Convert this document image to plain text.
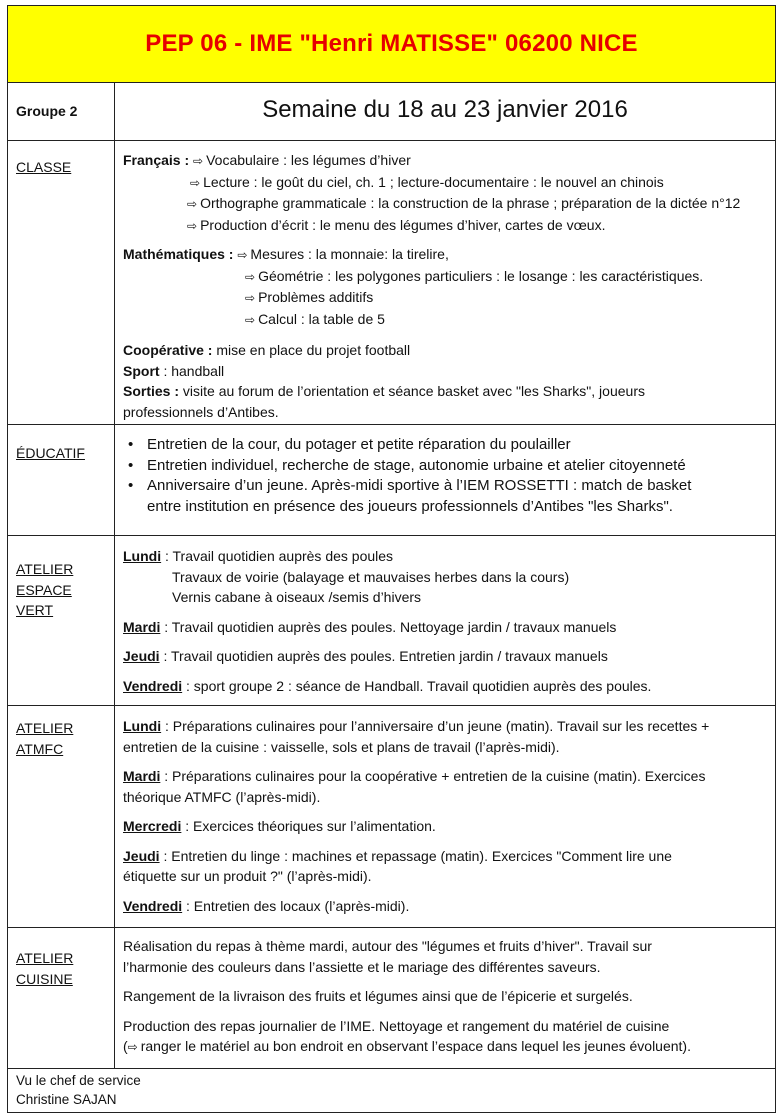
PEP 06 - IME "Henri MATISSE" 06200 NICE
Groupe 2	Semaine du 18 au 23 janvier 2016
CLASSE	Français : ⇨ Vocabulaire : les légumes d’hiver
⇨ Lecture : le goût du ciel, ch. 1 ; lecture-documentaire : le nouvel an chinois
⇨ Orthographe grammaticale : la construction de la phrase ; préparation de la dictée n°12
⇨ Production d’écrit : le menu des légumes d’hiver, cartes de vœux.
Mathématiques : ⇨ Mesures : la monnaie: la tirelire,
⇨ Géométrie : les polygones particuliers : le losange : les caractéristiques.
⇨ Problèmes additifs
⇨ Calcul : la table de 5
Coopérative : mise en place du projet football
Sport : handball
Sorties : visite au forum de l’orientation et séance basket avec "les Sharks", joueurs
professionnels d’Antibes.
ÉDUCATIF
•	Entretien de la cour, du potager et petite réparation du poulailler
• Entretien individuel, recherche de stage, autonomie urbaine et atelier citoyenneté
• Anniversaire d’un jeune. Après-midi sportive à l’IEM ROSSETTI : match de basket
entre institution en présence des joueurs professionnels d’Antibes "les Sharks".
ATELIER
ESPACE
VERT
Lundi : Travail quotidien auprès des poules
Travaux de voirie (balayage et mauvaises herbes dans la cours)
Vernis cabane à oiseaux /semis d’hivers
Mardi : Travail quotidien auprès des poules. Nettoyage jardin / travaux manuels
Jeudi : Travail quotidien auprès des poules. Entretien jardin / travaux manuels
Vendredi : sport groupe 2 : séance de Handball. Travail quotidien auprès des poules.
ATELIER
ATMFC
Lundi : Préparations culinaires pour l’anniversaire d’un jeune (matin). Travail sur les recettes +
entretien de la cuisine : vaisselle, sols et plans de travail (l’après-midi).
Mardi : Préparations culinaires pour la coopérative + entretien de la cuisine (matin). Exercices
théorique ATMFC (l’après-midi).
Mercredi : Exercices théoriques sur l’alimentation.
Jeudi : Entretien du linge : machines et repassage (matin). Exercices "Comment lire une
étiquette sur un produit ?" (l’après-midi).
Vendredi : Entretien des locaux (l’après-midi).
ATELIER
CUISINE
Réalisation du repas à thème mardi, autour des "légumes et fruits d’hiver". Travail sur
l’harmonie des couleurs dans l’assiette et le mariage des différentes saveurs.
Rangement de la livraison des fruits et légumes ainsi que de l’épicerie et surgelés.
Production des repas journalier de l’IME. Nettoyage et rangement du matériel de cuisine
(⇨ ranger le matériel au bon endroit en observant l’espace dans lequel les jeunes évoluent).
Vu le chef de service
Christine SAJAN
